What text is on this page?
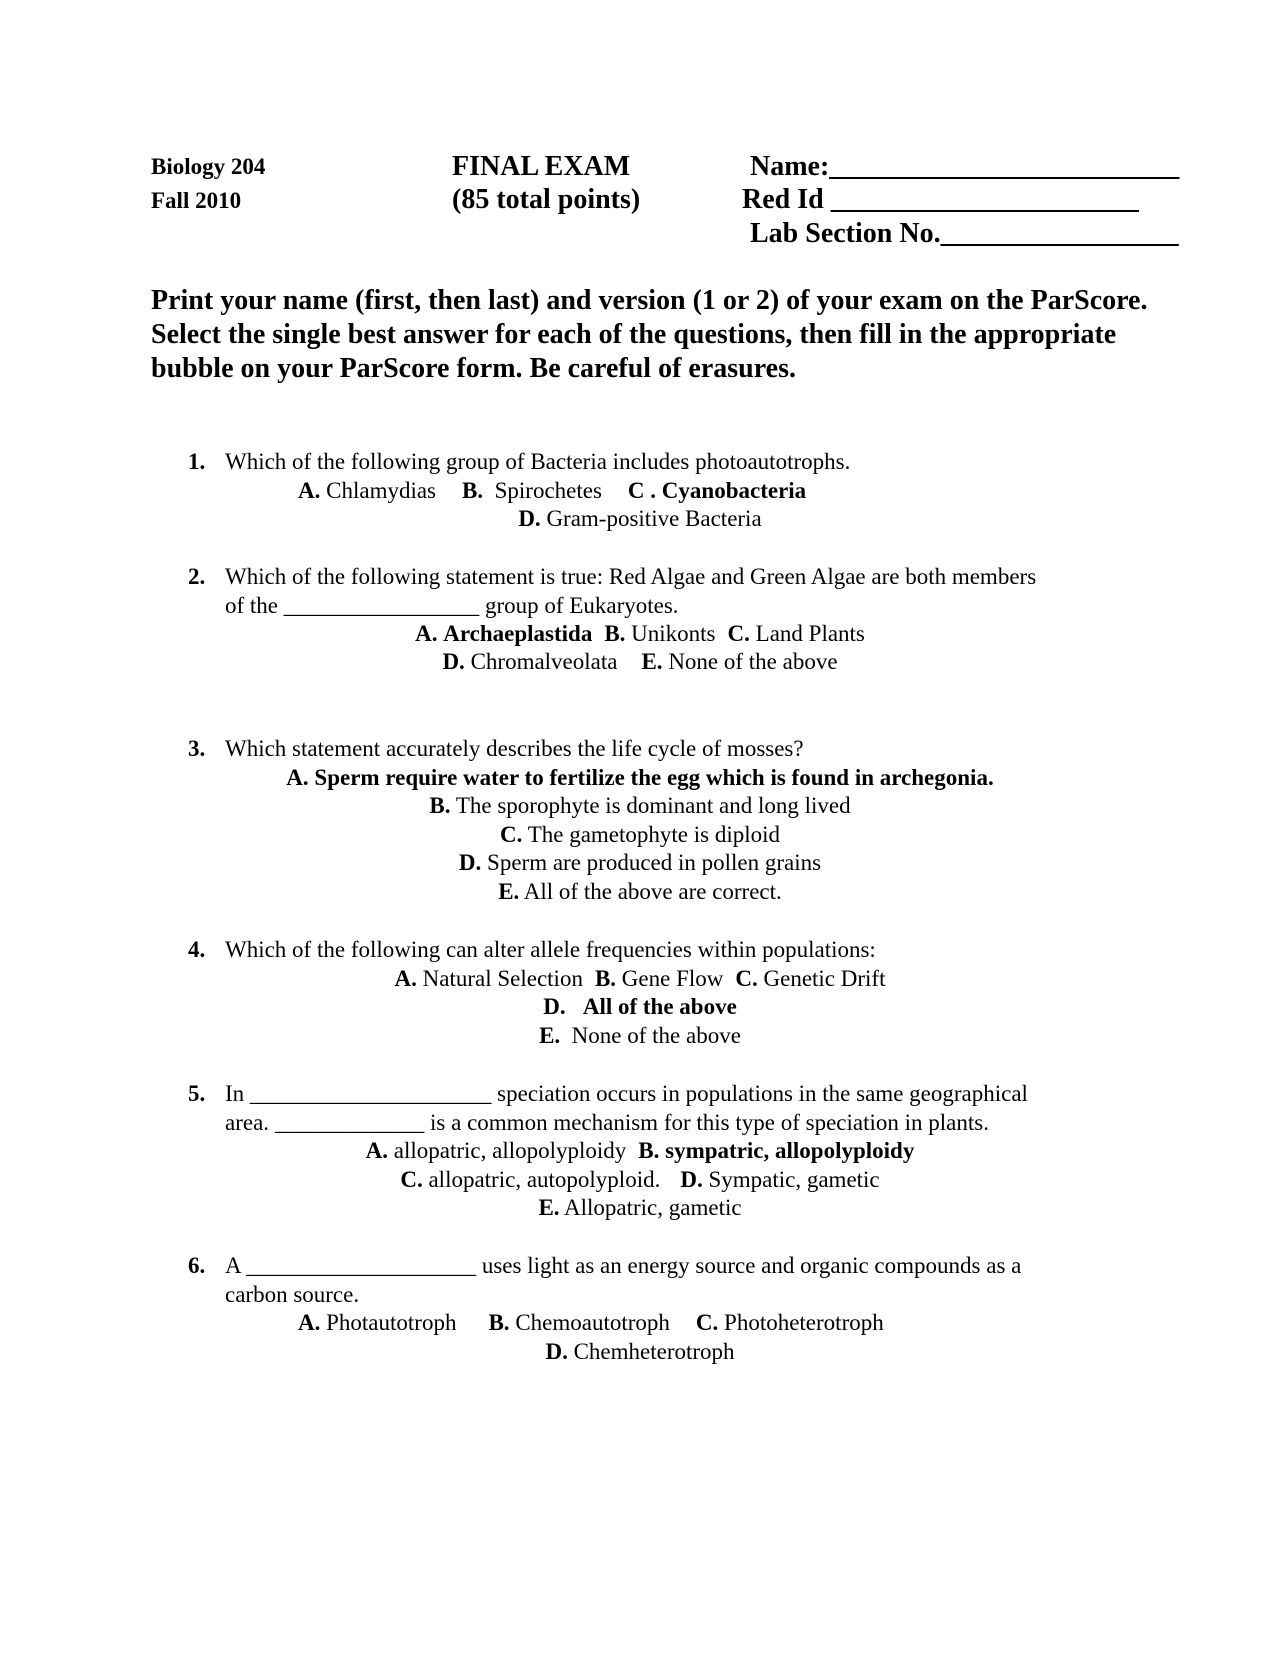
Biology 204
Fall 2010
FINAL EXAM
(85 total points)
Name:_________________________
Red Id ______________________
Lab Section No._________________
Print your name (first, then last) and version (1 or 2) of your exam on the ParScore.
Select the single best answer for each of the questions, then fill in the appropriate
bubble on your ParScore form. Be careful of erasures.
1. Which of the following group of Bacteria includes photoautotrophs.
A. Chlamydias B. Spirochetes C . Cyanobacteria
D. Gram-positive Bacteria
2. Which of the following statement is true: Red Algae and Green Algae are both members
of the _________________ group of Eukaryotes.
A. Archaeplastida B. Unikonts C. Land Plants
D. Chromalveolata E. None of the above
3. Which statement accurately describes the life cycle of mosses?
A. Sperm require water to fertilize the egg which is found in archegonia.
B. The sporophyte is dominant and long lived
C. The gametophyte is diploid
D. Sperm are produced in pollen grains
E. All of the above are correct.
4. Which of the following can alter allele frequencies within populations:
A. Natural Selection B. Gene Flow C. Genetic Drift
D. All of the above
E. None of the above
5. In _____________________ speciation occurs in populations in the same geographical
area. _____________ is a common mechanism for this type of speciation in plants.
A. allopatric, allopolyploidy B. sympatric, allopolyploidy
C. allopatric, autopolyploid. D. Sympatic, gametic
E. Allopatric, gametic
6. A ____________________ uses light as an energy source and organic compounds as a
carbon source.
A. Photautotroph B. Chemoautotroph C. Photoheterotroph
D. Chemheterotroph
